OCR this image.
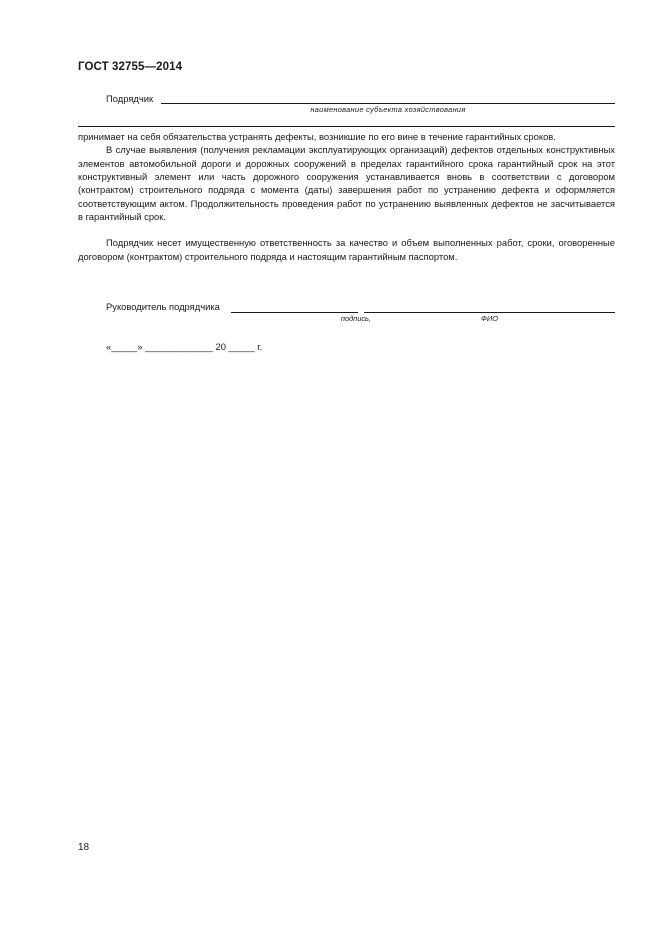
ГОСТ 32755—2014
Подрядчик
наименование субъекта хозяйствования

принимает на себя обязательства устранять дефекты, возникшие по его вине в течение гарантийных сроков.

В случае выявления (получения рекламации эксплуатирующих организаций) дефектов отдельных конструктивных элементов автомобильной дороги и дорожных сооружений в пределах гарантийного срока гарантийный срок на этот конструктивный элемент или часть дорожного сооружения устанавливается вновь в соответствии с договором (контрактом) строительного подряда с момента (даты) завершения работ по устранению дефекта и оформляется соответствующим актом. Продолжительность проведения работ по устранению выявленных дефектов не засчитывается в гарантийный срок.

Подрядчик несет имущественную ответственность за качество и объем выполненных работ, сроки, оговоренные договором (контрактом) строительного подряда и настоящим гарантийным паспортом.

Руководитель подрядчика
подпись,	ФИО
«_____» _____________ 20 _____ г.
18
